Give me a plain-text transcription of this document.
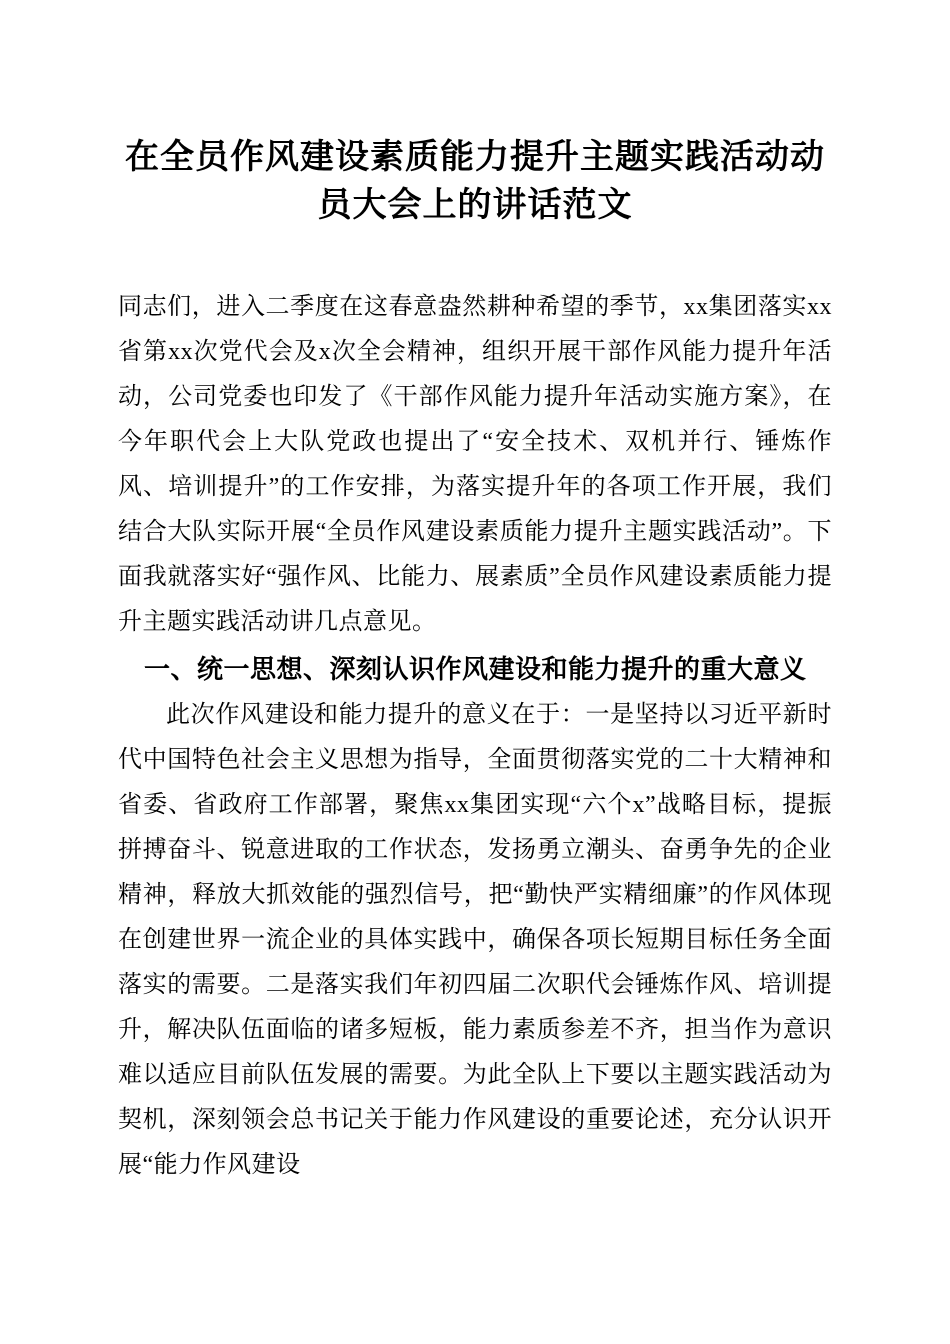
在全员作风建设素质能力提升主题实践活动动员大会上的讲话范文

同志们，进入二季度在这春意盎然耕种希望的季节，xx集团落实xx省第xx次党代会及x次全会精神，组织开展干部作风能力提升年活动，公司党委也印发了《干部作风能力提升年活动实施方案》，在今年职代会上大队党政也提出了“安全技术、双机并行、锤炼作风、培训提升”的工作安排，为落实提升年的各项工作开展，我们结合大队实际开展“全员作风建设素质能力提升主题实践活动”。下面我就落实好“强作风、比能力、展素质”全员作风建设素质能力提升主题实践活动讲几点意见。

一、统一思想、深刻认识作风建设和能力提升的重大意义

此次作风建设和能力提升的意义在于：一是坚持以习近平新时代中国特色社会主义思想为指导，全面贯彻落实党的二十大精神和省委、省政府工作部署，聚焦xx集团实现“六个x”战略目标，提振拼搏奋斗、锐意进取的工作状态，发扬勇立潮头、奋勇争先的企业精神，释放大抓效能的强烈信号，把“勤快严实精细廉”的作风体现在创建世界一流企业的具体实践中，确保各项长短期目标任务全面落实的需要。二是落实我们年初四届二次职代会锤炼作风、培训提升，解决队伍面临的诸多短板，能力素质参差不齐，担当作为意识难以适应目前队伍发展的需要。为此全队上下要以主题实践活动为契机，深刻领会总书记关于能力作风建设的重要论述，充分认识开展“能力作风建设
